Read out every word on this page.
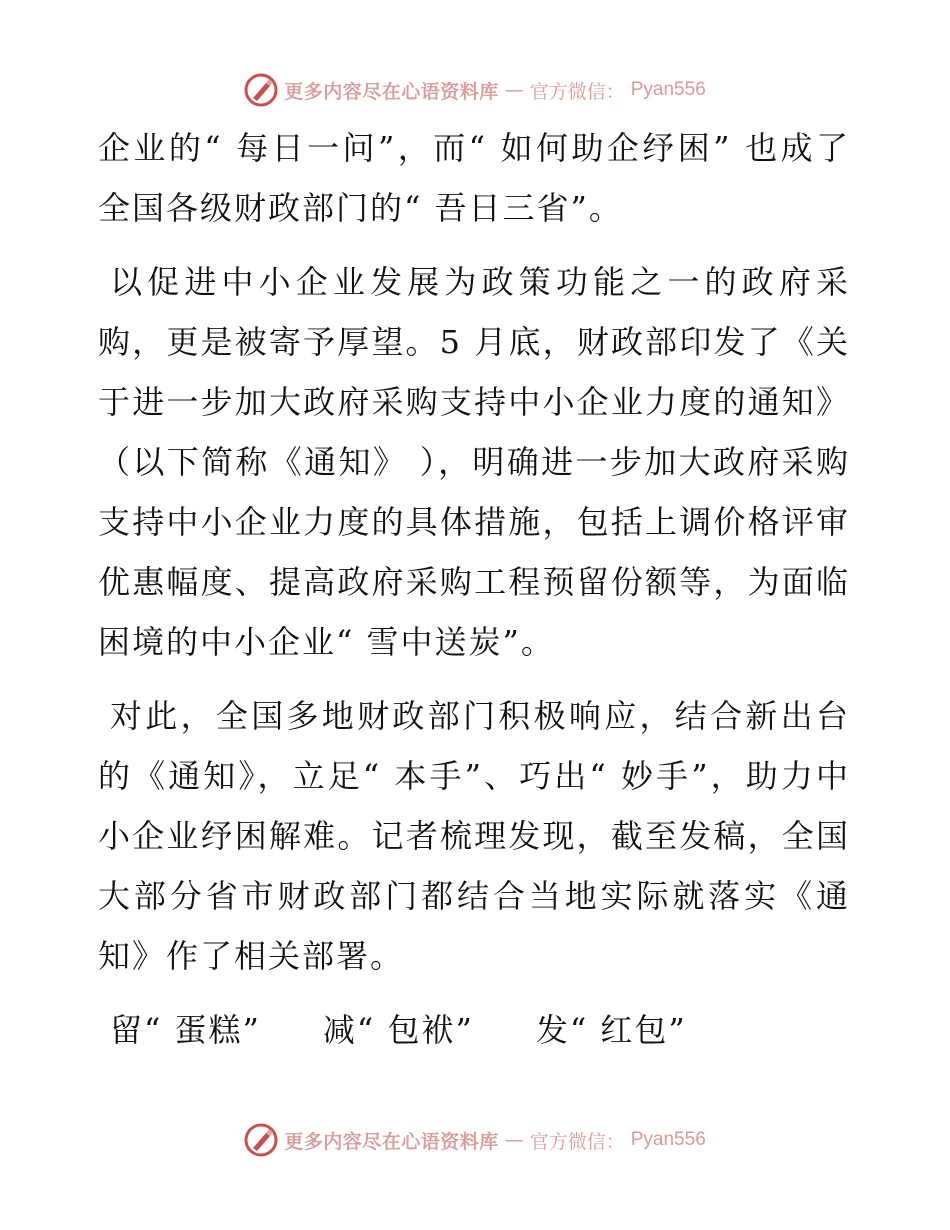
更多内容尽在心语资料库 — 官方微信： Pyan556

企业的“ 每日一问”，而“ 如何助企纾困” 也成了全国各级财政部门的“ 吾日三省”。

以促进中小企业发展为政策功能之一的政府采购，更是被寄予厚望。5 月底，财政部印发了《关于进一步加大政府采购支持中小企业力度的通知》（以下简称《通知》 ），明确进一步加大政府采购支持中小企业力度的具体措施，包括上调价格评审优惠幅度、提高政府采购工程预留份额等，为面临困境的中小企业“ 雪中送炭”。

对此，全国多地财政部门积极响应，结合新出台的《通知》，立足“ 本手”、巧出“ 妙手”，助力中小企业纾困解难。记者梳理发现，截至发稿，全国大部分省市财政部门都结合当地实际就落实《通知》作了相关部署。

留“ 蛋糕” 减“ 包袱” 发“ 红包”
更多内容尽在心语资料库 — 官方微信： Pyan556
